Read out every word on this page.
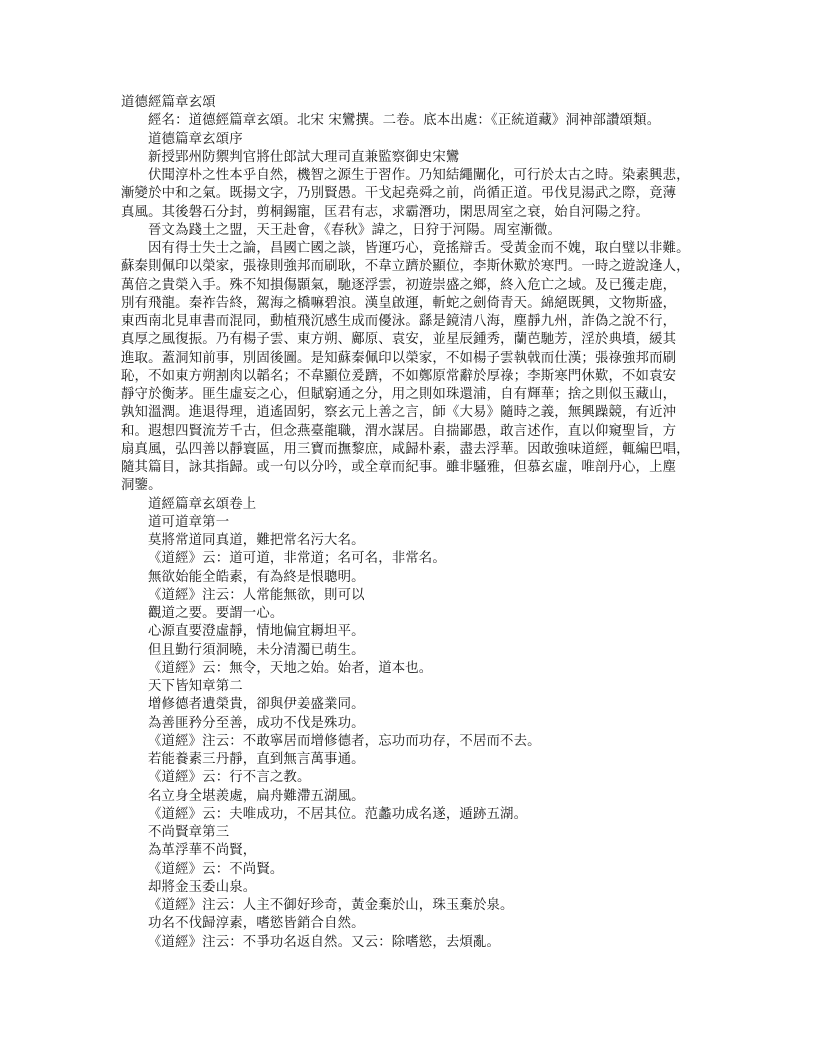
道德經篇章玄頌

經名：道德經篇章玄頌。北宋 宋鸞撰。二卷。底本出處：《正統道藏》洞神部讚頌類。

道德篇章玄頌序

新授郢州防禦判官將仕郎試大理司直兼監察御史宋鸞

伏聞淳朴之性本乎自然，機智之源生于習作。乃知結繩闡化，可行於太古之時。染素興悲，

漸變於中和之氣。既揚文字，乃別賢愚。干戈起堯舜之前，尚循正道。弔伐見湯武之際，竟薄

真風。其後磐石分封，剪桐錫寵，匡君有志，求霸潛功，閑思周室之衰，始自河陽之狩。

晉文為踐土之盟，天王赴會，《春秋》諱之，日狩于河陽。周室漸微。

因有得士失士之論，昌國亡國之談，皆運巧心，竟搖辯舌。受黃金而不媿，取白璧以非難。

蘇秦則佩印以榮家，張祿則強邦而刷耿，不韋立躋於顯位，李斯休歎於寒門。一時之遊說逢人，

萬倍之貴榮入手。殊不知損傷顥氣，馳逐浮雲，初遊崇盛之鄉，終入危亡之域。及已獲走鹿，

別有飛龍。秦祚告終，駕海之橋嘛碧浪。漢皇啟運，斬蛇之劍倚青天。綿絕既興，文物斯盛，

東西南北見車書而混同，動植飛沉感生成而優泳。繇是鏡清八海，塵靜九州，詐偽之說不行，

真厚之風復振。乃有楊子雲、東方朔、鄺原、袁安，並星辰鍾秀，蘭芭馳芳，淫於典墳，緩其

進取。蓋洞知前事，別固後圖。是知蘇秦佩印以榮家，不如楊子雲執戟而仕漢；張祿強邦而刷

恥，不如東方朔割肉以韜名；不韋顯位爰躋，不如鄭原常辭於厚祿；李斯寒門休歎，不如袁安

靜守於衡茅。匪生虛妄之心，但賦窮通之分，用之則如珠還浦，自有輝華；捨之則似玉藏山，

孰知溫潤。進退得理，逍遙固躬，察玄元上善之言，師《大易》隨時之義，無興躁競，有近沖

和。遐想四賢流芳千古，但念燕臺龍職，渭水謀居。自揣鄙愚，敢言述作，直以仰窺聖旨，方

扇真風，弘四善以靜寰區，用三寶而撫黎庶，咸歸朴素，盡去浮華。因敢強味道經，輒編巴唱，

隨其篇目，詠其指歸。或一句以分吟，或全章而紀事。雖非騷雅，但慕玄虛，唯剖丹心，上塵

洞鑒。

道經篇章玄頌卷上

道可道章第一

莫將常道同真道，難把常名污大名。

《道經》云：道可道，非常道；名可名，非常名。

無欲始能全皓素，有為終是恨聰明。

《道經》注云：人常能無欲，則可以

觀道之要。要謂一心。

心源直要澄虛靜，情地偏宜耨坦平。

但且勤行須洞曉，未分清濁已萌生。

《道經》云：無令，天地之始。始者，道本也。

天下皆知章第二

增修德者遺榮貴，卻與伊姜盛業同。

為善匪矜分至善，成功不伐是殊功。

《道經》注云：不敢寧居而增修德者，忘功而功存，不居而不去。

若能養素三丹靜，直到無言萬事通。

《道經》云：行不言之教。

名立身全堪羨處，扁舟難滯五湖風。

《道經》云：夫唯成功，不居其位。范蠡功成名遂，遁跡五湖。

不尚賢章第三

為革浮華不尚賢，

《道經》云：不尚賢。

却將金玉委山泉。

《道經》注云：人主不御好珍奇，黃金棄於山，珠玉棄於泉。

功名不伐歸淳素，嗜慾皆銷合自然。

《道經》注云：不爭功名返自然。又云：除嗜慾，去煩亂。
